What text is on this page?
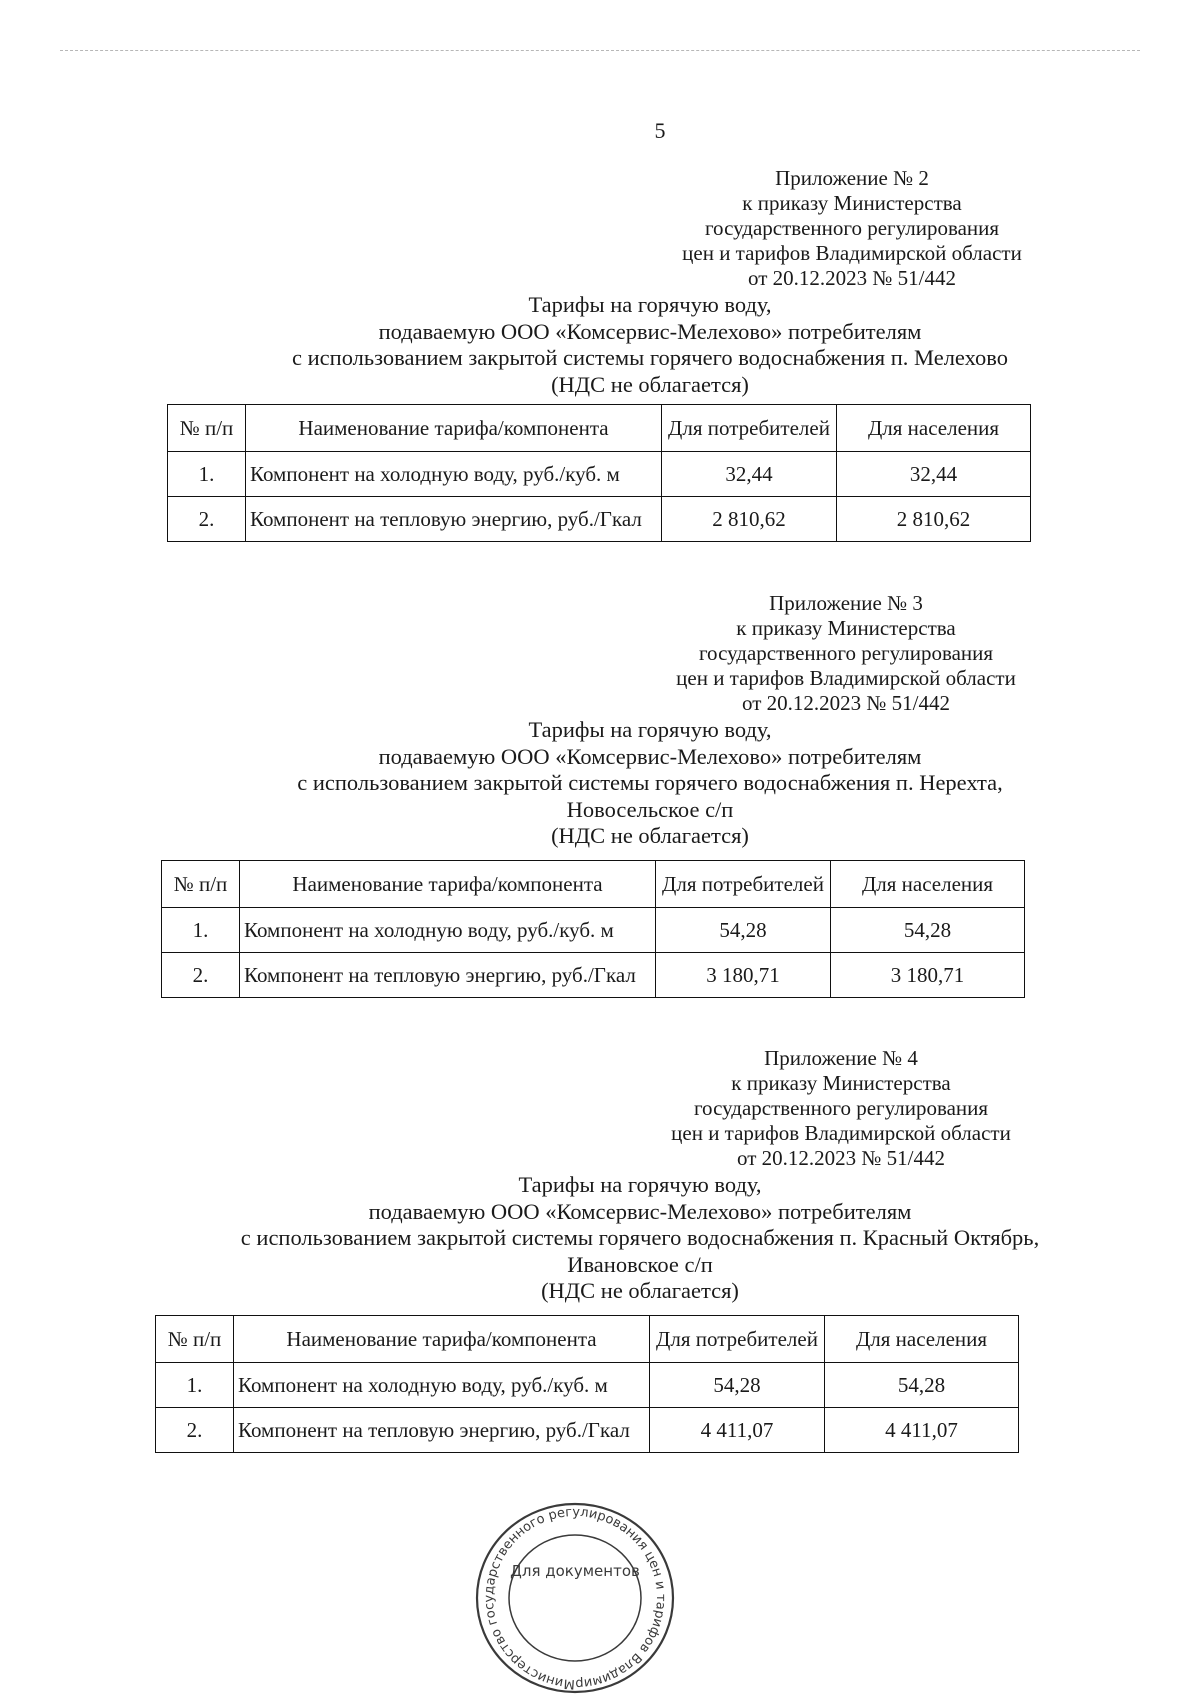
5
Приложение № 2
к приказу Министерства
государственного регулирования
цен и тарифов Владимирской области
от 20.12.2023 № 51/442
Тарифы на горячую воду,
подаваемую ООО «Комсервис-Мелехово» потребителям
с использованием закрытой системы горячего водоснабжения п. Мелехово
(НДС не облагается)
№ п/п	Наименование тарифа/компонента	Для потребителей	Для населения
1.	Компонент на холодную воду, руб./куб. м	32,44	32,44
2.	Компонент на тепловую энергию, руб./Гкал	2 810,62	2 810,62
Приложение № 3
к приказу Министерства
государственного регулирования
цен и тарифов Владимирской области
от 20.12.2023 № 51/442
Тарифы на горячую воду,
подаваемую ООО «Комсервис-Мелехово» потребителям
с использованием закрытой системы горячего водоснабжения п. Нерехта,
Новосельское с/п
(НДС не облагается)
№ п/п	Наименование тарифа/компонента	Для потребителей	Для населения
1.	Компонент на холодную воду, руб./куб. м	54,28	54,28
2.	Компонент на тепловую энергию, руб./Гкал	3 180,71	3 180,71
Приложение № 4
к приказу Министерства
государственного регулирования
цен и тарифов Владимирской области
от 20.12.2023 № 51/442
Тарифы на горячую воду,
подаваемую ООО «Комсервис-Мелехово» потребителям
с использованием закрытой системы горячего водоснабжения п. Красный Октябрь,
Ивановское с/п
(НДС не облагается)
№ п/п	Наименование тарифа/компонента	Для потребителей	Для населения
1.	Компонент на холодную воду, руб./куб. м	54,28	54,28
2.	Компонент на тепловую энергию, руб./Гкал	4 411,07	4 411,07
Министерство государственного регулирования цен и тарифов Владимир
Для документов
